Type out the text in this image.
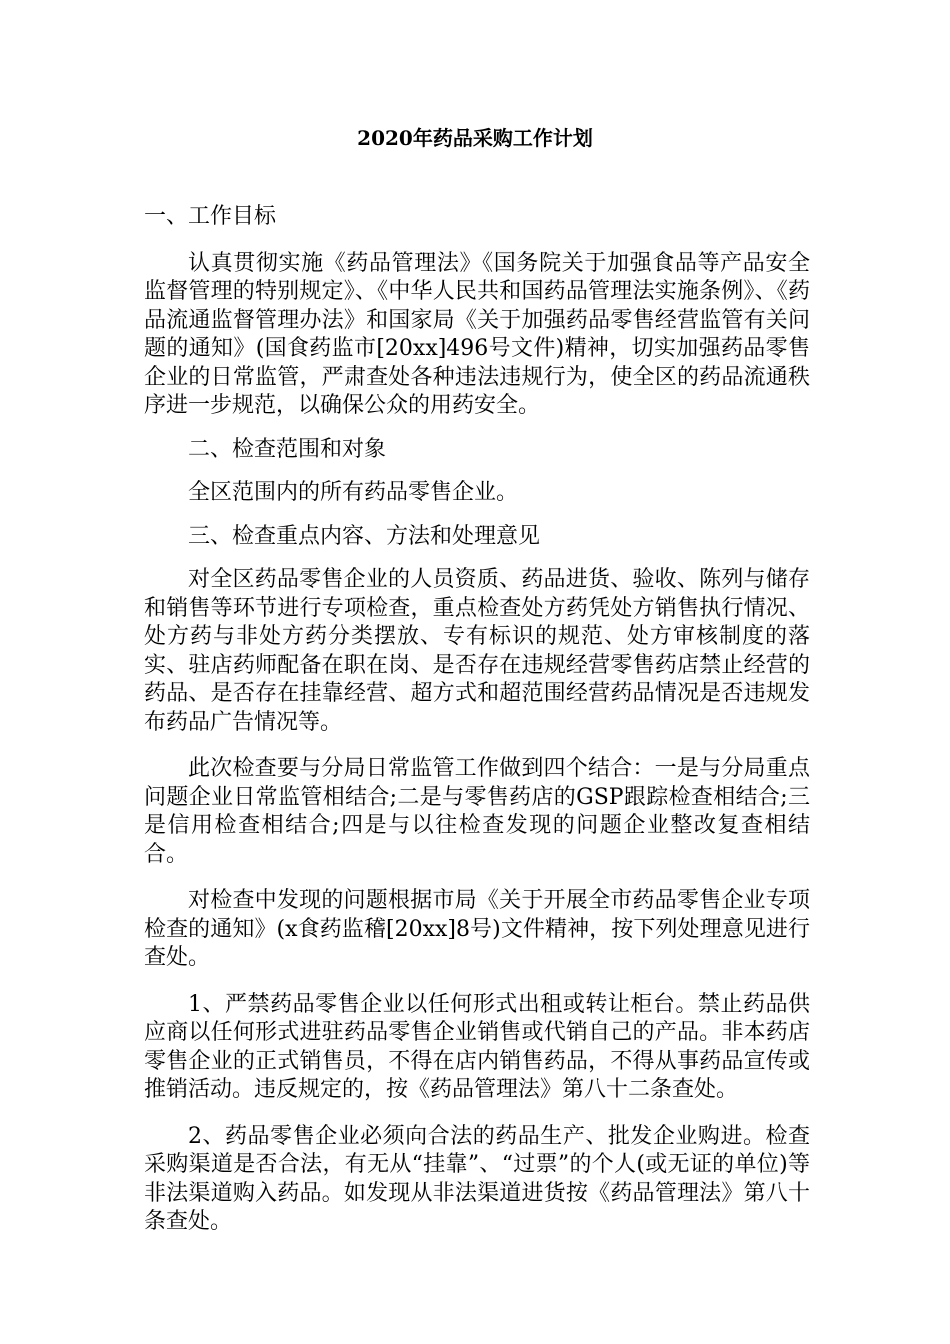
2020年药品采购工作计划

一、工作目标

认真贯彻实施《药品管理法》《国务院关于加强食品等产品安全监督管理的特别规定》、《中华人民共和国药品管理法实施条例》、《药品流通监督管理办法》和国家局《关于加强药品零售经营监管有关问题的通知》(国食药监市[20xx]496号文件)精神，切实加强药品零售企业的日常监管，严肃查处各种违法违规行为，使全区的药品流通秩序进一步规范，以确保公众的用药安全。

二、检查范围和对象

全区范围内的所有药品零售企业。

三、检查重点内容、方法和处理意见

对全区药品零售企业的人员资质、药品进货、验收、陈列与储存和销售等环节进行专项检查，重点检查处方药凭处方销售执行情况、处方药与非处方药分类摆放、专有标识的规范、处方审核制度的落实、驻店药师配备在职在岗、是否存在违规经营零售药店禁止经营的药品、是否存在挂靠经营、超方式和超范围经营药品情况是否违规发布药品广告情况等。

此次检查要与分局日常监管工作做到四个结合：一是与分局重点问题企业日常监管相结合;二是与零售药店的GSP跟踪检查相结合;三是信用检查相结合;四是与以往检查发现的问题企业整改复查相结合。

对检查中发现的问题根据市局《关于开展全市药品零售企业专项检查的通知》(x食药监稽[20xx]8号)文件精神，按下列处理意见进行查处。

1、严禁药品零售企业以任何形式出租或转让柜台。禁止药品供应商以任何形式进驻药品零售企业销售或代销自己的产品。非本药店零售企业的正式销售员，不得在店内销售药品，不得从事药品宣传或推销活动。违反规定的，按《药品管理法》第八十二条查处。

2、药品零售企业必须向合法的药品生产、批发企业购进。检查采购渠道是否合法，有无从“挂靠”、“过票”的个人(或无证的单位)等非法渠道购入药品。如发现从非法渠道进货按《药品管理法》第八十条查处。
